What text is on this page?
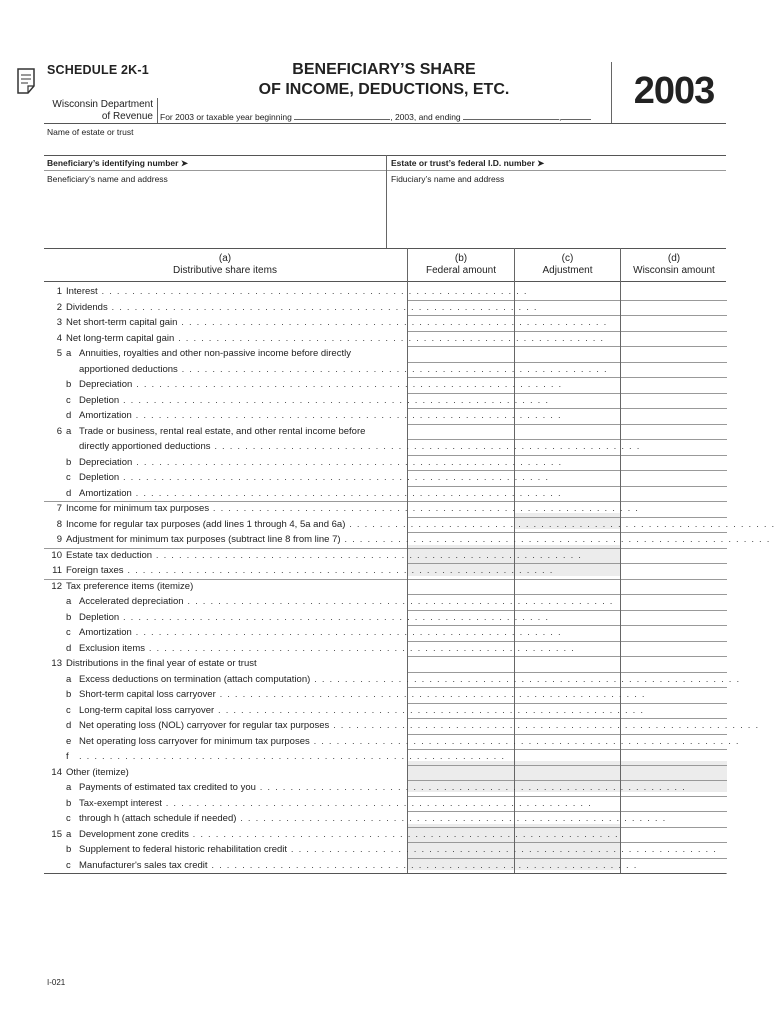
SCHEDULE 2K-1
Wisconsin Department
of Revenue
BENEFICIARY’S SHARE
OF INCOME, DEDUCTIONS, ETC.	2003
For 2003 or taxable year beginning	, 2003, and ending	,
Name of estate or trust
Beneficiary’s identifying number ➤	Estate or trust’s federal I.D. number ➤
Beneficiary’s name and address	Fiduciary’s name and address
(a)
Distributive share items
(b)
Federal amount
(c)
Adjustment
(d)
Wisconsin amount
1 Interest . . . . . . . . . . . . . . . . . . . . . . . . . . . . . . . . . . . . . . . . . . . . . . . . . . . . . . . .
2 Dividends . . . . . . . . . . . . . . . . . . . . . . . . . . . . . . . . . . . . . . . . . . . . . . . . . . . . . . . .
3 Net short-term capital gain . . . . . . . . . . . . . . . . . . . . . . . . . . . . . . . . . . . . . . . . . . . . . . . . . . . . . . . .
4 Net long-term capital gain . . . . . . . . . . . . . . . . . . . . . . . . . . . . . . . . . . . . . . . . . . . . . . . . . . . . . . . .
5 a Annuities, royalties and other non-passive income before directly
apportioned deductions . . . . . . . . . . . . . . . . . . . . . . . . . . . . . . . . . . . . . . . . . . . . . . . . . . . . . . . .
b Depreciation . . . . . . . . . . . . . . . . . . . . . . . . . . . . . . . . . . . . . . . . . . . . . . . . . . . . . . . .
c Depletion . . . . . . . . . . . . . . . . . . . . . . . . . . . . . . . . . . . . . . . . . . . . . . . . . . . . . . . .
d Amortization . . . . . . . . . . . . . . . . . . . . . . . . . . . . . . . . . . . . . . . . . . . . . . . . . . . . . . . .
6 a Trade or business, rental real estate, and other rental income before
directly apportioned deductions . . . . . . . . . . . . . . . . . . . . . . . . . . . . . . . . . . . . . . . . . . . . . . . . . . . . . . . .
b Depreciation . . . . . . . . . . . . . . . . . . . . . . . . . . . . . . . . . . . . . . . . . . . . . . . . . . . . . . . .
c Depletion . . . . . . . . . . . . . . . . . . . . . . . . . . . . . . . . . . . . . . . . . . . . . . . . . . . . . . . .
d Amortization . . . . . . . . . . . . . . . . . . . . . . . . . . . . . . . . . . . . . . . . . . . . . . . . . . . . . . . .
7 Income for minimum tax purposes . . . . . . . . . . . . . . . . . . . . . . . . . . . . . . . . . . . . . . . . . . . . . . . . . . . . . . . .
8 Income for regular tax purposes (add lines 1 through 4, 5a and 6a) . . . . . . . . . . . . . . . . . . . . . . . . . . . . . . . . . . . . . . . . . . . . . . . . . . . . . . . .
9 Adjustment for minimum tax purposes (subtract line 8 from line 7) . . . . . . . . . . . . . . . . . . . . . . . . . . . . . . . . . . . . . . . . . . . . . . . . . . . . . . . .
10 Estate tax deduction . . . . . . . . . . . . . . . . . . . . . . . . . . . . . . . . . . . . . . . . . . . . . . . . . . . . . . . .
11 Foreign taxes . . . . . . . . . . . . . . . . . . . . . . . . . . . . . . . . . . . . . . . . . . . . . . . . . . . . . . . .
12 Tax preference items (itemize)
a Accelerated depreciation . . . . . . . . . . . . . . . . . . . . . . . . . . . . . . . . . . . . . . . . . . . . . . . . . . . . . . . .
b Depletion . . . . . . . . . . . . . . . . . . . . . . . . . . . . . . . . . . . . . . . . . . . . . . . . . . . . . . . .
c Amortization . . . . . . . . . . . . . . . . . . . . . . . . . . . . . . . . . . . . . . . . . . . . . . . . . . . . . . . .
d Exclusion items . . . . . . . . . . . . . . . . . . . . . . . . . . . . . . . . . . . . . . . . . . . . . . . . . . . . . . . .
13 Distributions in the final year of estate or trust
a Excess deductions on termination (attach computation) . . . . . . . . . . . . . . . . . . . . . . . . . . . . . . . . . . . . . . . . . . . . . . . . . . . . . . . .
b Short-term capital loss carryover . . . . . . . . . . . . . . . . . . . . . . . . . . . . . . . . . . . . . . . . . . . . . . . . . . . . . . . .
c Long-term capital loss carryover . . . . . . . . . . . . . . . . . . . . . . . . . . . . . . . . . . . . . . . . . . . . . . . . . . . . . . . .
d Net operating loss (NOL) carryover for regular tax purposes . . . . . . . . . . . . . . . . . . . . . . . . . . . . . . . . . . . . . . . . . . . . . . . . . . . . . . . .
e Net operating loss carryover for minimum tax purposes . . . . . . . . . . . . . . . . . . . . . . . . . . . . . . . . . . . . . . . . . . . . . . . . . . . . . . . .
f	. . . . . . . . . . . . . . . . . . . . . . . . . . . . . . . . . . . . . . . . . . . . . . . . . . . . . . . .
14 Other (itemize)
a Payments of estimated tax credited to you . . . . . . . . . . . . . . . . . . . . . . . . . . . . . . . . . . . . . . . . . . . . . . . . . . . . . . . .
b Tax-exempt interest . . . . . . . . . . . . . . . . . . . . . . . . . . . . . . . . . . . . . . . . . . . . . . . . . . . . . . . .
c through h (attach schedule if needed) . . . . . . . . . . . . . . . . . . . . . . . . . . . . . . . . . . . . . . . . . . . . . . . . . . . . . . . .
15 a Development zone credits . . . . . . . . . . . . . . . . . . . . . . . . . . . . . . . . . . . . . . . . . . . . . . . . . . . . . . . .
b Supplement to federal historic rehabilitation credit . . . . . . . . . . . . . . . . . . . . . . . . . . . . . . . . . . . . . . . . . . . . . . . . . . . . . . . .
c Manufacturer's sales tax credit . . . . . . . . . . . . . . . . . . . . . . . . . . . . . . . . . . . . . . . . . . . . . . . . . . . . . . . .
I-021
